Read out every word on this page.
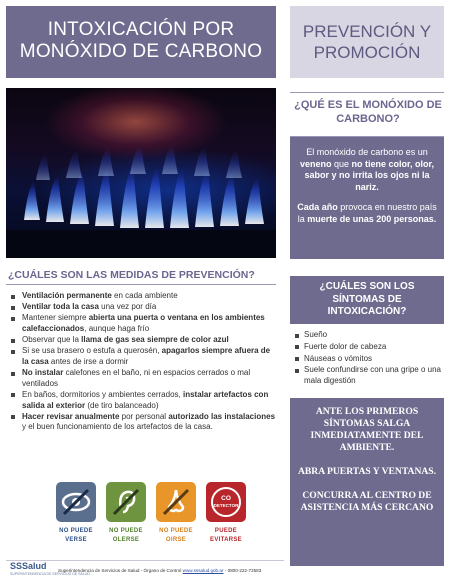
INTOXICACIÓN POR
MONÓXIDO DE CARBONO
PREVENCIÓN Y
PROMOCIÓN
¿QUÉ ES EL MONÓXIDO DE
CARBONO?

El monóxido de carbono es un veneno que no tiene color, olor, sabor y no irrita los ojos ni la nariz.

Cada año provoca en nuestro país la muerte de unas 200 personas.

¿CUÁLES SON LAS MEDIDAS DE PREVENCIÓN?
Ventilación permanente en cada ambiente
Ventilar toda la casa una vez por día
Mantener siempre abierta una puerta o ventana en los ambientes calefaccionados, aunque haga frío
Observar que la llama de gas sea siempre de color azul
Si se usa brasero o estufa a querosén, apagarlos siempre afuera de la casa antes de irse a dormir
No instalar calefones en el baño, ni en espacios cerrados o mal ventilados
En baños, dormitorios y ambientes cerrados, instalar artefactos con salida al exterior (de tiro balanceado)
Hacer revisar anualmente por personal autorizado las instalaciones y el buen funcionamiento de los artefactos de la casa.
¿CUÁLES SON LOS
SÍNTOMAS DE
INTOXICACIÓN?
Sueño
Fuerte dolor de cabeza
Náuseas o vómitos
Suele confundirse con una gripe o una mala digestión

ANTE LOS PRIMEROS SÍNTOMAS SALGA INMEDIATAMENTE DEL AMBIENTE.

ABRA PUERTAS Y VENTANAS.

CONCURRA AL CENTRO DE ASISTENCIA MÁS CERCANO

CO
DETECTOR
NO PUEDE
VERSE
NO PUEDE
OLERSE
NO PUEDE
OIRSE
PUEDE
EVITARSE
SSSalud
SUPERINTENDENCIA DE SERVICIOS DE SALUD
Superintendencia de Servicios de Salud - Órgano de Control www.sssalud.gob.ar - 0800-222-72583
